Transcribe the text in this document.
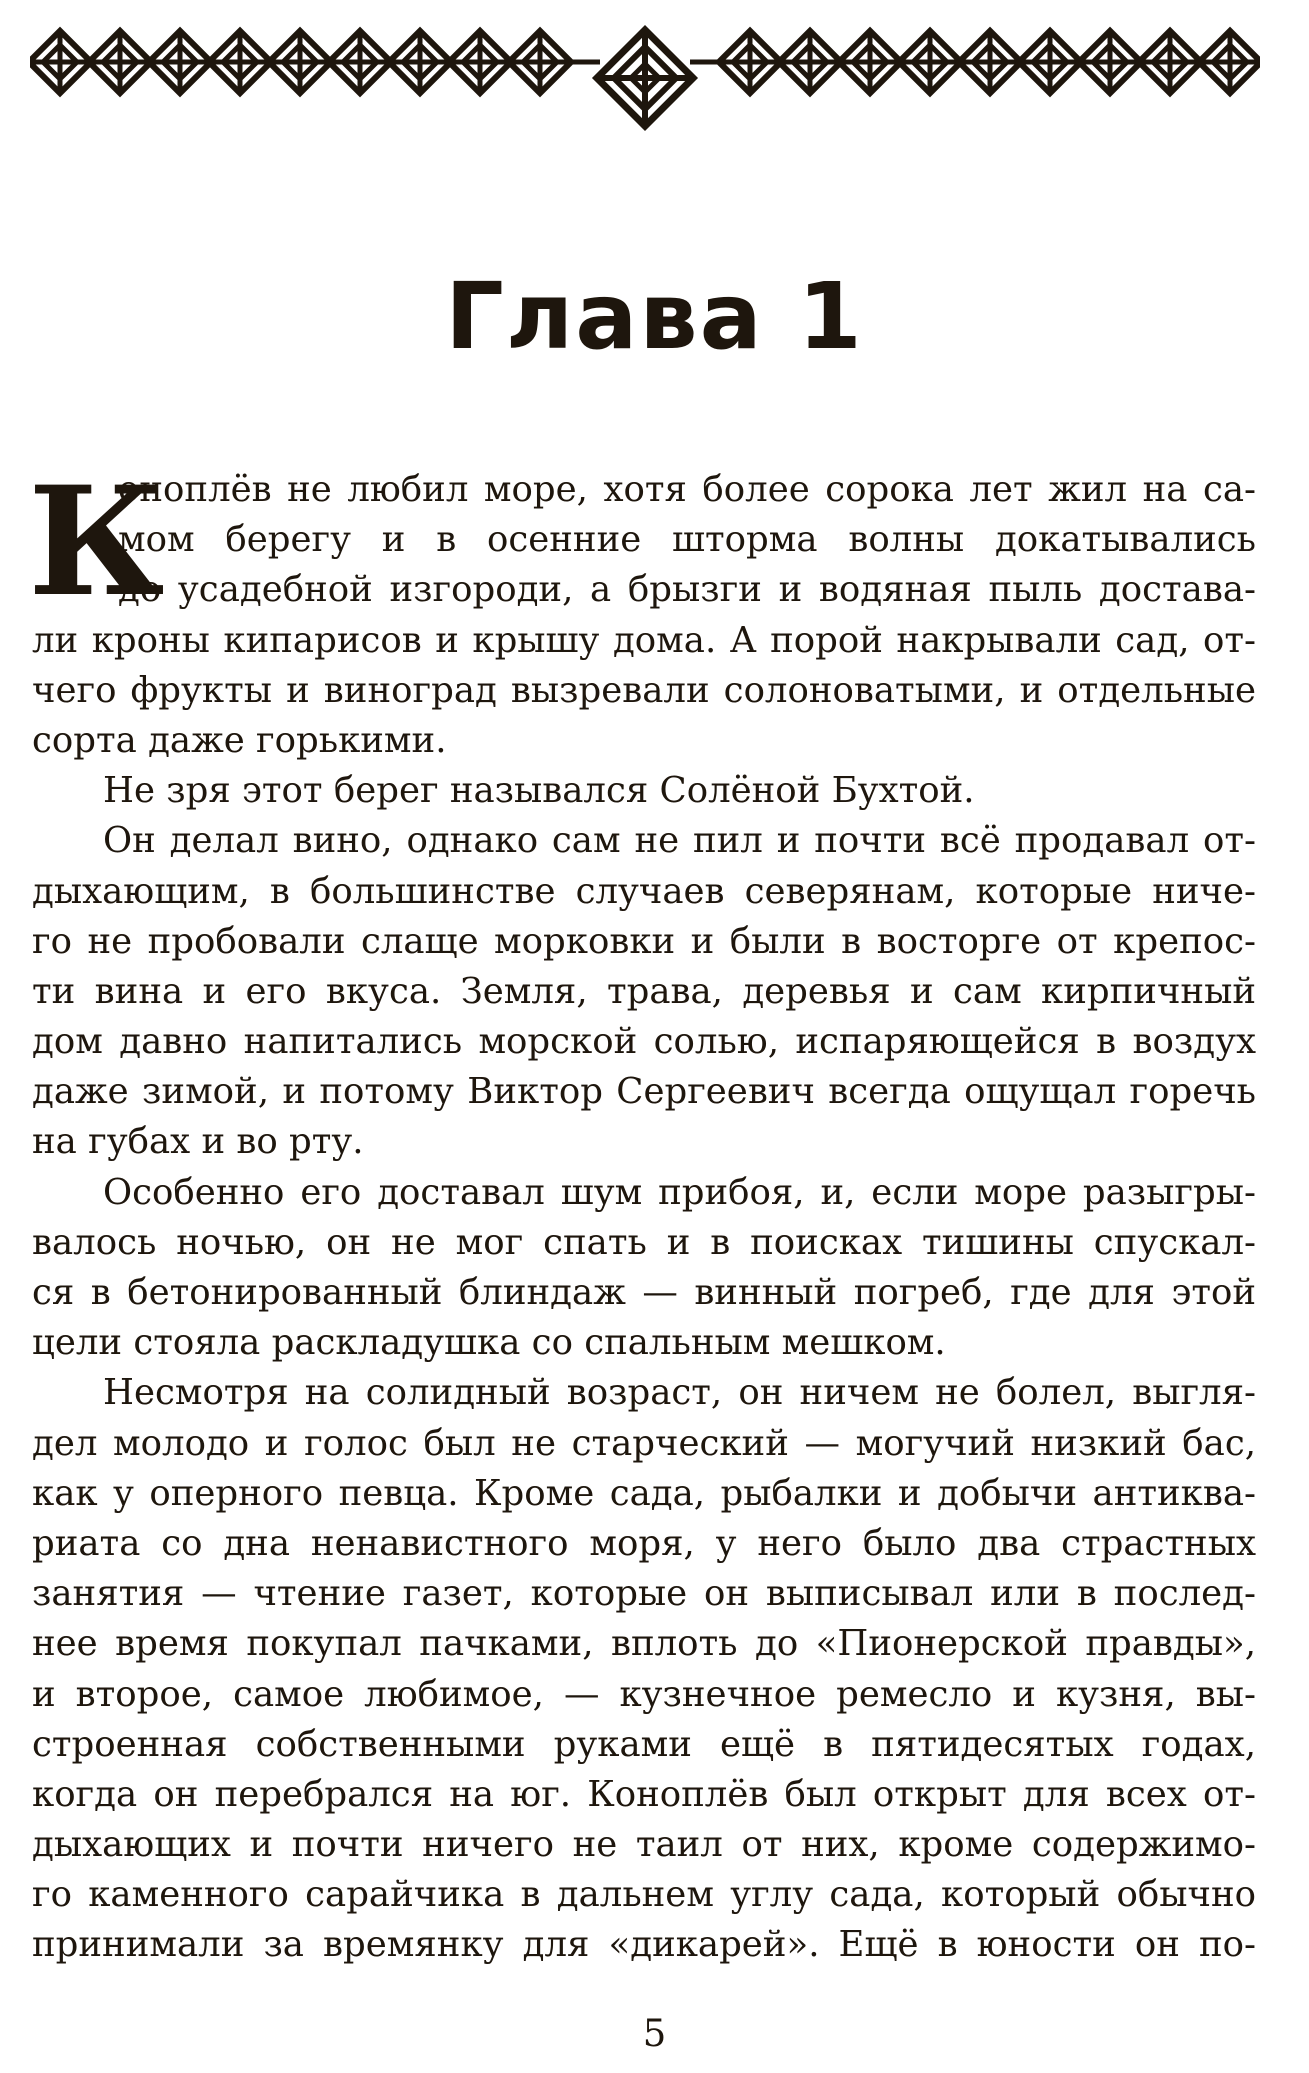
Глава 1
К
оноплёв не любил море, хотя более сорока лет жил на са-
мом берегу и в осенние шторма волны докатывались
до усадебной изгороди, а брызги и водяная пыль достава-
ли кроны кипарисов и крышу дома. А порой накрывали сад, от-
чего фрукты и виноград вызревали солоноватыми, и отдельные
сорта даже горькими.
Не зря этот берег назывался Солёной Бухтой.
Он делал вино, однако сам не пил и почти всё продавал от-
дыхающим, в большинстве случаев северянам, которые ниче-
го не пробовали слаще морковки и были в восторге от крепос-
ти вина и его вкуса. Земля, трава, деревья и сам кирпичный
дом давно напитались морской солью, испаряющейся в воздух
даже зимой, и потому Виктор Сергеевич всегда ощущал горечь
на губах и во рту.
Особенно его доставал шум прибоя, и, если море разыгры-
валось ночью, он не мог спать и в поисках тишины спускал-
ся в бетонированный блиндаж — винный погреб, где для этой
цели стояла раскладушка со спальным мешком.
Несмотря на солидный возраст, он ничем не болел, выгля-
дел молодо и голос был не старческий — могучий низкий бас,
как у оперного певца. Кроме сада, рыбалки и добычи антиква-
риата со дна ненавистного моря, у него было два страстных
занятия — чтение газет, которые он выписывал или в послед-
нее время покупал пачками, вплоть до «Пионерской правды»,
и второе, самое любимое, — кузнечное ремесло и кузня, вы-
строенная собственными руками ещё в пятидесятых годах,
когда он перебрался на юг. Коноплёв был открыт для всех от-
дыхающих и почти ничего не таил от них, кроме содержимо-
го каменного сарайчика в дальнем углу сада, который обычно
принимали за времянку для «дикарей». Ещё в юности он по-
5
